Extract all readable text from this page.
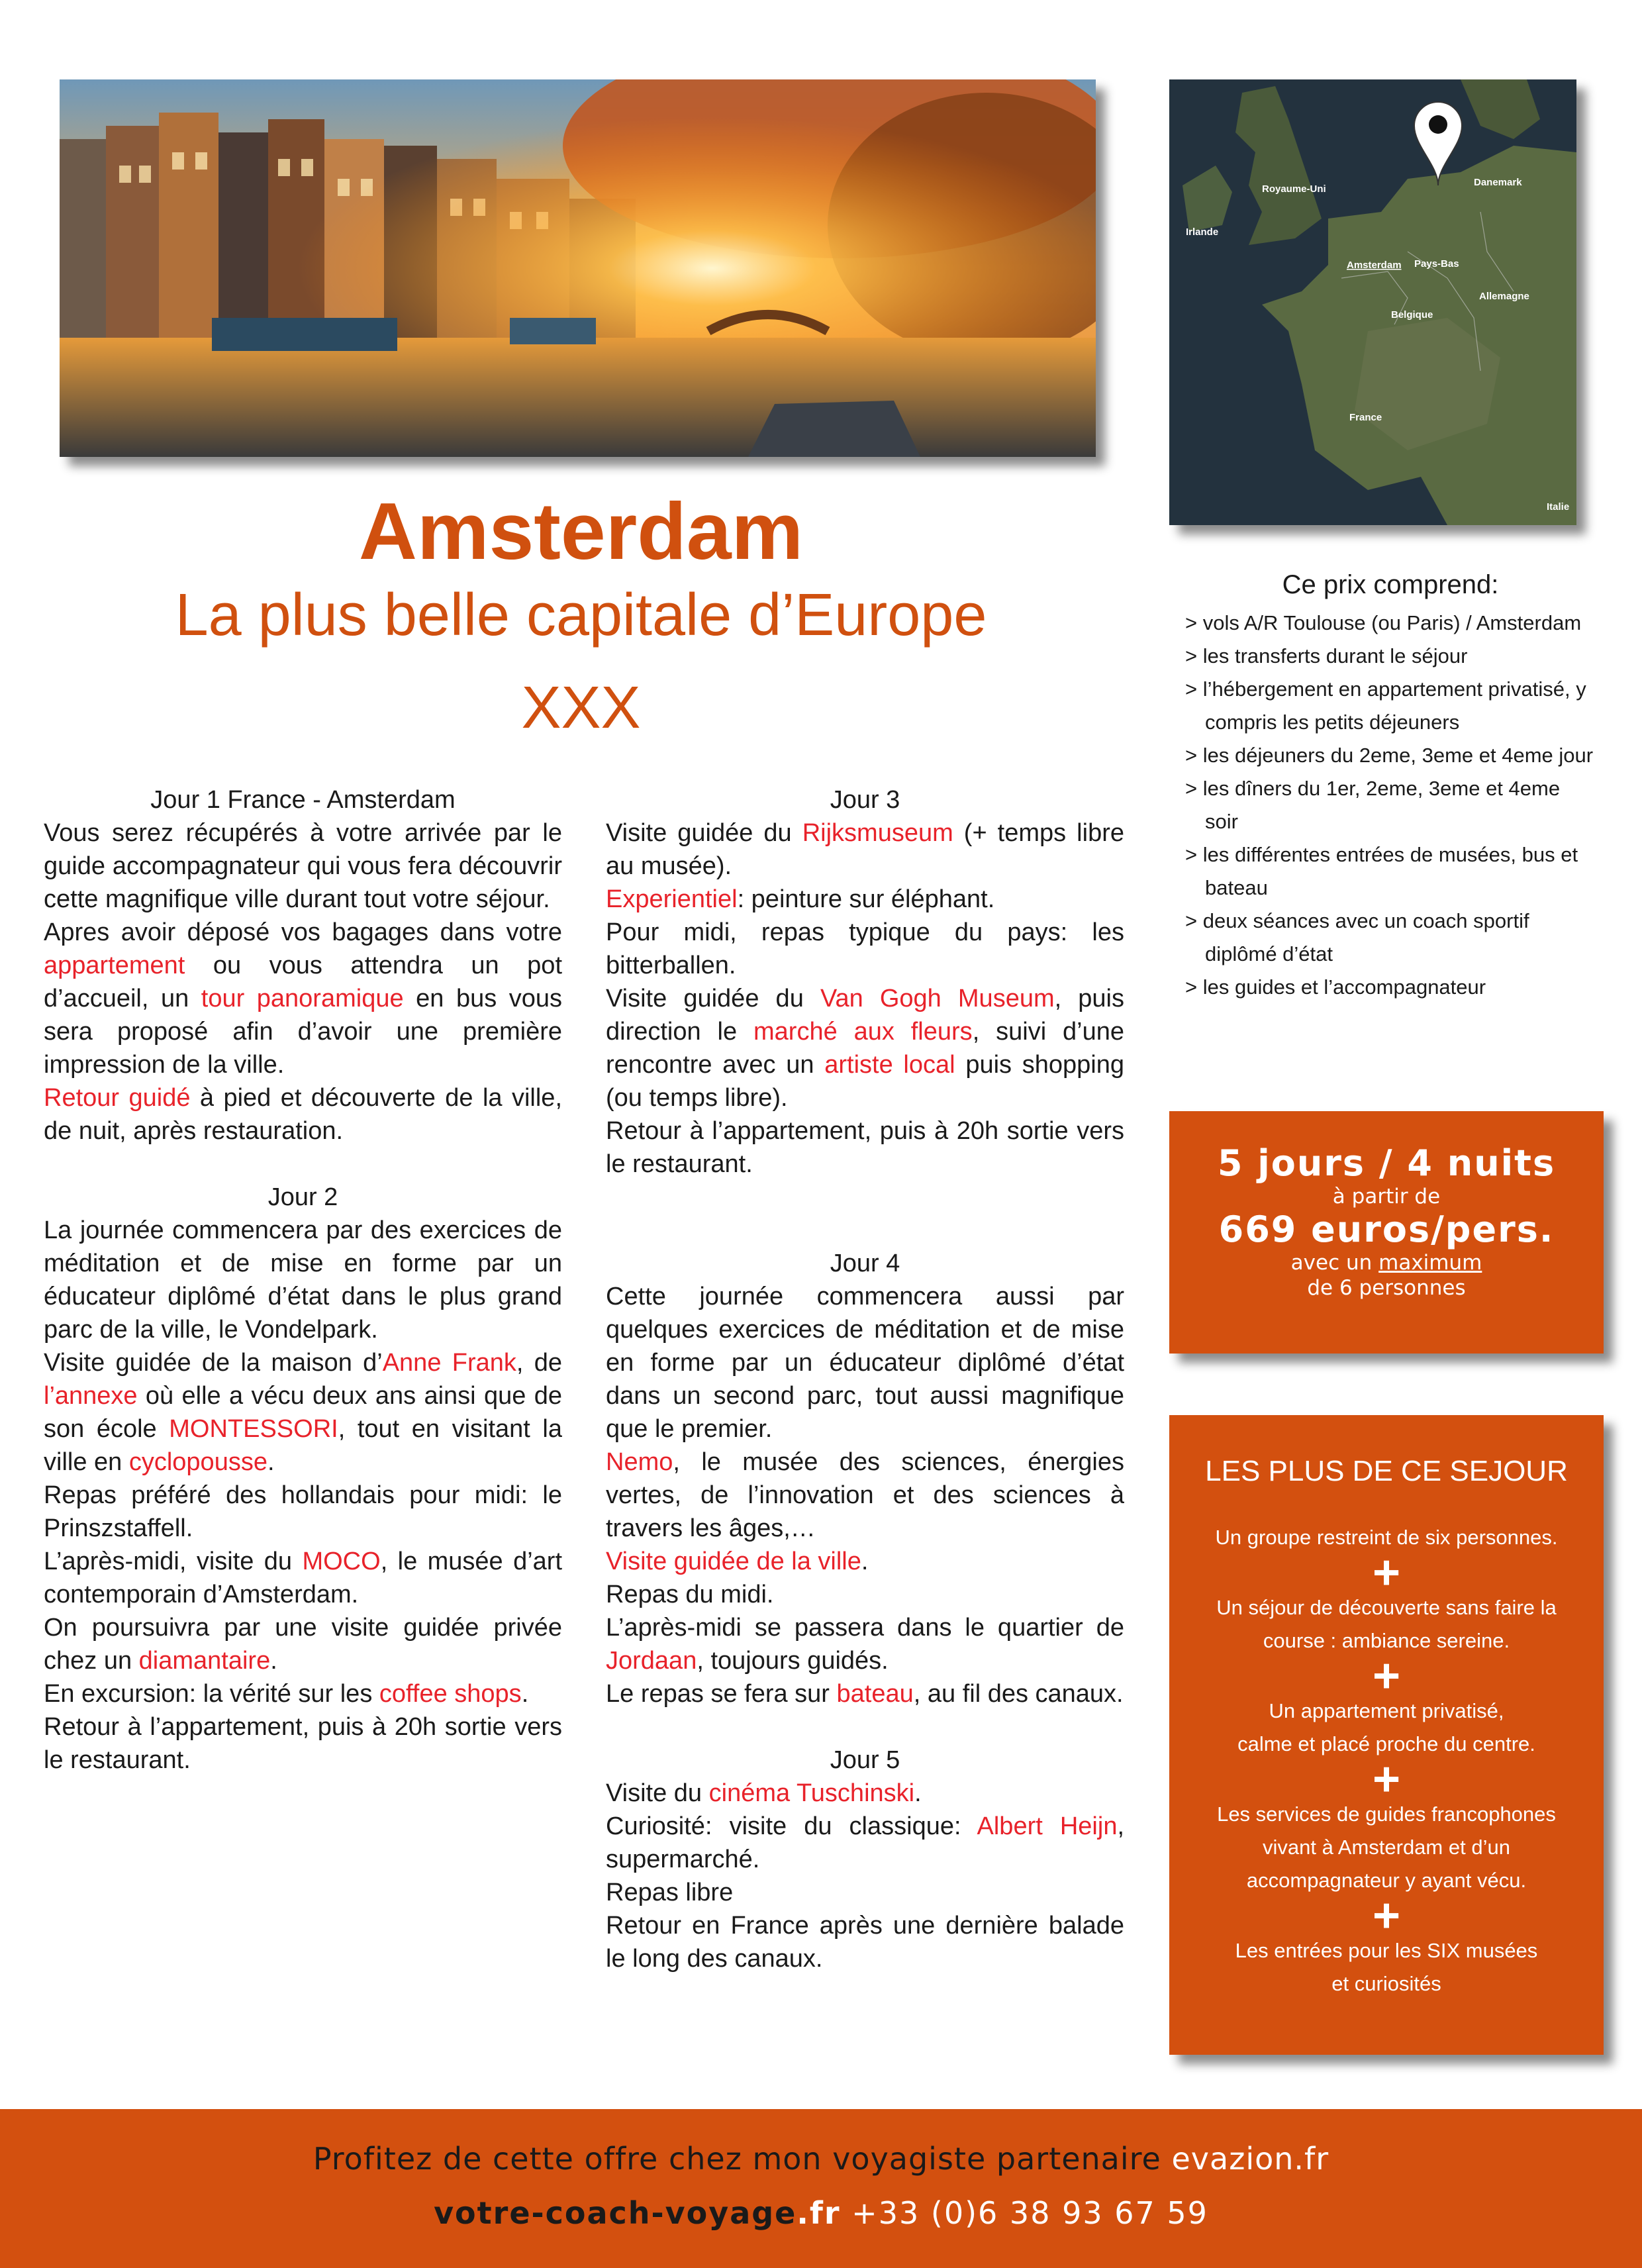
Royaume-Uni
Irlande
Danemark
Amsterdam Pays-Bas
Belgique
Allemagne
France
Italie
Amsterdam
La plus belle capitale d’Europe
XXX
Jour 1 France - Amsterdam

Vous serez récupérés à votre arrivée par le guide accompagnateur qui vous fera découvrir cette magnifique ville durant tout votre séjour.

Apres avoir déposé vos bagages dans votre appartement ou vous attendra un pot d’accueil, un tour panoramique en bus vous sera proposé afin d’avoir une première impression de la ville.

Retour guidé à pied et découverte de la ville, de nuit, après restauration.

Jour 2

La journée commencera par des exercices de méditation et de mise en forme par un éducateur diplômé d’état dans le plus grand parc de la ville, le Vondelpark.

Visite guidée de la maison d’Anne Frank, de l’annexe où elle a vécu deux ans ainsi que de son école MONTESSORI, tout en visitant la ville en cyclopousse.

Repas préféré des hollandais pour midi: le Prinszstaffell.

L’après-midi, visite du MOCO, le musée d’art contemporain d’Amsterdam.

On poursuivra par une visite guidée privée chez un diamantaire.

En excursion: la vérité sur les coffee shops.

Retour à l’appartement, puis à 20h sortie vers le restaurant.

Jour 3

Visite guidée du Rijksmuseum (+ temps libre au musée).

Experientiel: peinture sur éléphant.

Pour midi, repas typique du pays: les bitterballen.

Visite guidée du Van Gogh Museum, puis direction le marché aux fleurs, suivi d’une rencontre avec un artiste local puis shopping (ou temps libre).

Retour à l’appartement, puis à 20h sortie vers le restaurant.

Jour 4

Cette journée commencera aussi par quelques exercices de méditation et de mise en forme par un éducateur diplômé d’état dans un second parc, tout aussi magnifique que le premier.

Nemo, le musée des sciences, énergies vertes, de l’innovation et des sciences à travers les âges,…

Visite guidée de la ville.

Repas du midi.

L’après-midi se passera dans le quartier de Jordaan, toujours guidés.

Le repas se fera sur bateau, au fil des canaux.

Jour 5

Visite du cinéma Tuschinski.

Curiosité: visite du classique: Albert Heijn, supermarché.

Repas libre

Retour en France après une dernière balade le long des canaux.

Ce prix comprend:
> vols A/R Toulouse (ou Paris) / Amsterdam
> les transferts durant le séjour
> l’hébergement en appartement privatisé, y compris les petits déjeuners
> les déjeuners du 2eme, 3eme et 4eme jour
> les dîners du 1er, 2eme, 3eme et 4eme soir
> les différentes entrées de musées, bus et bateau
> deux séances avec un coach sportif diplômé d’état
> les guides et l’accompagnateur
5 jours / 4 nuits
à partir de
669 euros/pers.
avec un maximum
de 6 personnes
LES PLUS DE CE SEJOUR
Un groupe restreint de six personnes.
+
Un séjour de découverte sans faire la
course : ambiance sereine.
+
Un appartement privatisé,
calme et placé proche du centre.
+
Les services de guides francophones
vivant à Amsterdam et d’un
accompagnateur y ayant vécu.
+
Les entrées pour les SIX musées
et curiosités
Profitez de cette offre chez mon voyagiste partenaire evazion.fr
votre-coach-voyage.fr +33 (0)6 38 93 67 59
